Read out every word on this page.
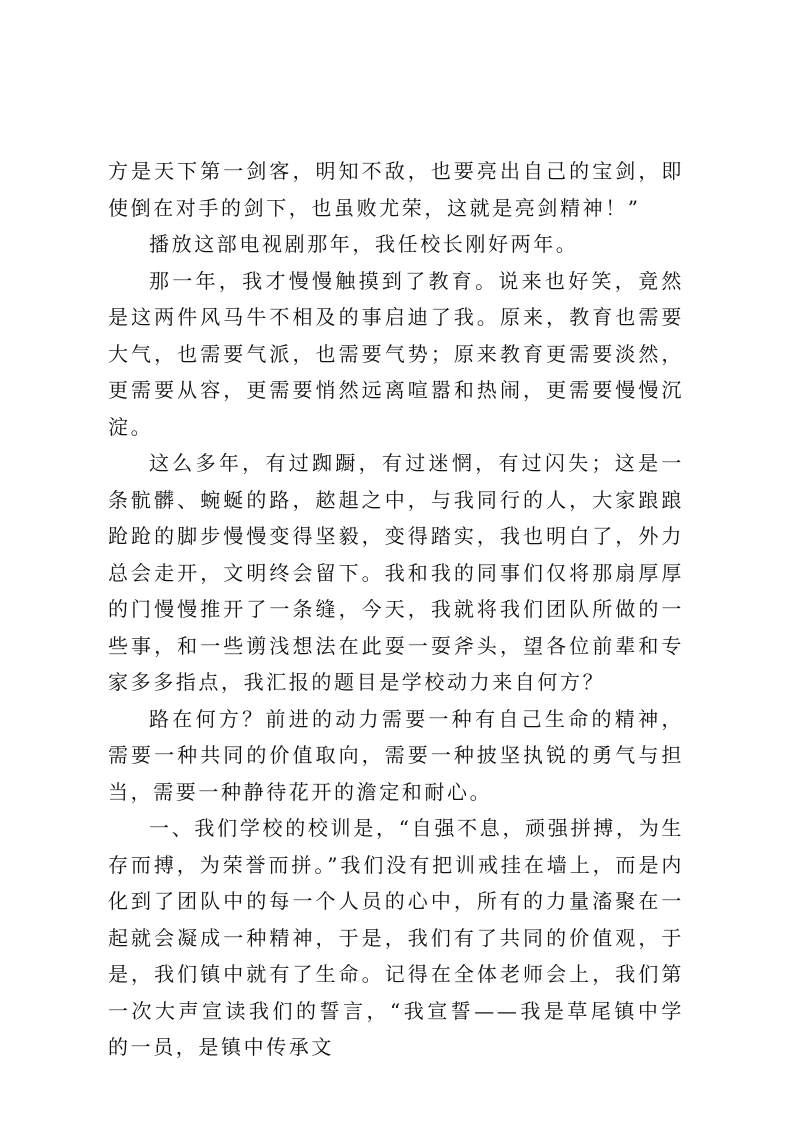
方是天下第一剑客，明知不敌，也要亮出自己的宝剑，即使倒在对手的剑下，也虽败尤荣，这就是亮剑精神！”

播放这部电视剧那年，我任校长刚好两年。

那一年，我才慢慢触摸到了教育。说来也好笑，竟然是这两件风马牛不相及的事启迪了我。原来，教育也需要大气，也需要气派，也需要气势；原来教育更需要淡然，更需要从容，更需要悄然远离喧嚣和热闹，更需要慢慢沉淀。

这么多年，有过踟蹰，有过迷惘，有过闪失；这是一条骯髒、蜿蜒的路，趑趄之中，与我同行的人，大家踉踉跄跄的脚步慢慢变得坚毅，变得踏实，我也明白了，外力总会走开，文明终会留下。我和我的同事们仅将那扇厚厚的门慢慢推开了一条缝，今天，我就将我们团队所做的一些事，和一些谫浅想法在此耍一耍斧头，望各位前辈和专家多多指点，我汇报的题目是学校动力来自何方？

路在何方？前进的动力需要一种有自己生命的精神，需要一种共同的价值取向，需要一种披坚执锐的勇气与担当，需要一种静待花开的澹定和耐心。

一、我们学校的校训是，“自强不息，顽强拼搏，为生存而搏，为荣誉而拼。”我们没有把训戒挂在墙上，而是内化到了团队中的每一个人员的心中，所有的力量滀聚在一起就会凝成一种精神，于是，我们有了共同的价值观，于是，我们镇中就有了生命。记得在全体老师会上，我们第一次大声宣读我们的誓言，“我宣誓——我是草尾镇中学的一员，是镇中传承文
